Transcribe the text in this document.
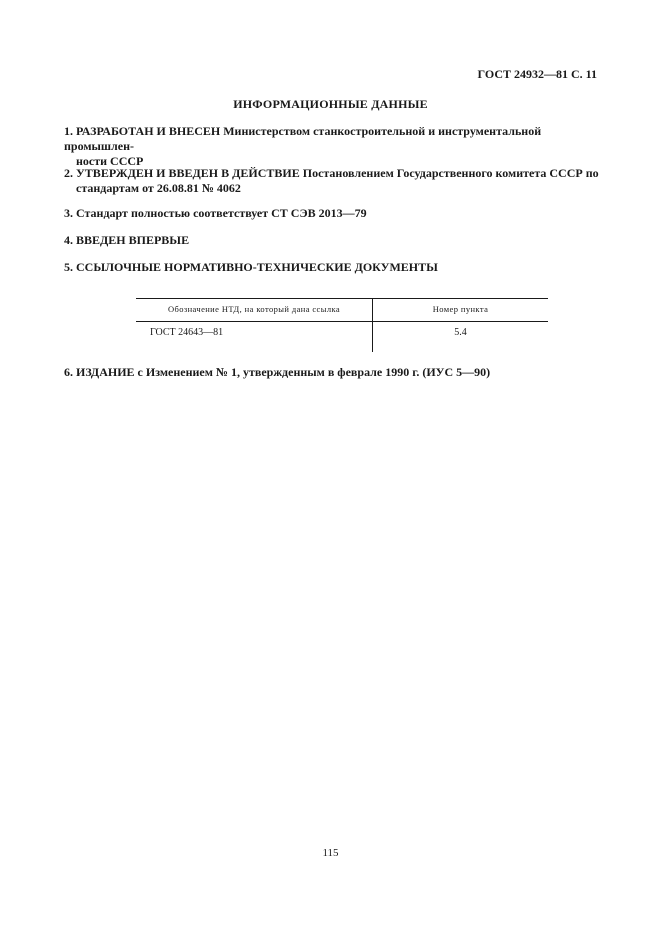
ГОСТ 24932—81 С. 11
ИНФОРМАЦИОННЫЕ ДАННЫЕ
1. РАЗРАБОТАН И ВНЕСЕН Министерством станкостроительной и инструментальной промышлен-
ности СССР
2. УТВЕРЖДЕН И ВВЕДЕН В ДЕЙСТВИЕ Постановлением Государственного комитета СССР по
стандартам от 26.08.81 № 4062
3. Стандарт полностью соответствует СТ СЭВ 2013—79
4. ВВЕДЕН ВПЕРВЫЕ
5. ССЫЛОЧНЫЕ НОРМАТИВНО-ТЕХНИЧЕСКИЕ ДОКУМЕНТЫ
Обозначение НТД, на который дана ссылка	Номер пункта
ГОСТ 24643—81	5.4
6. ИЗДАНИЕ с Изменением № 1, утвержденным в феврале 1990 г. (ИУС 5—90)
115
